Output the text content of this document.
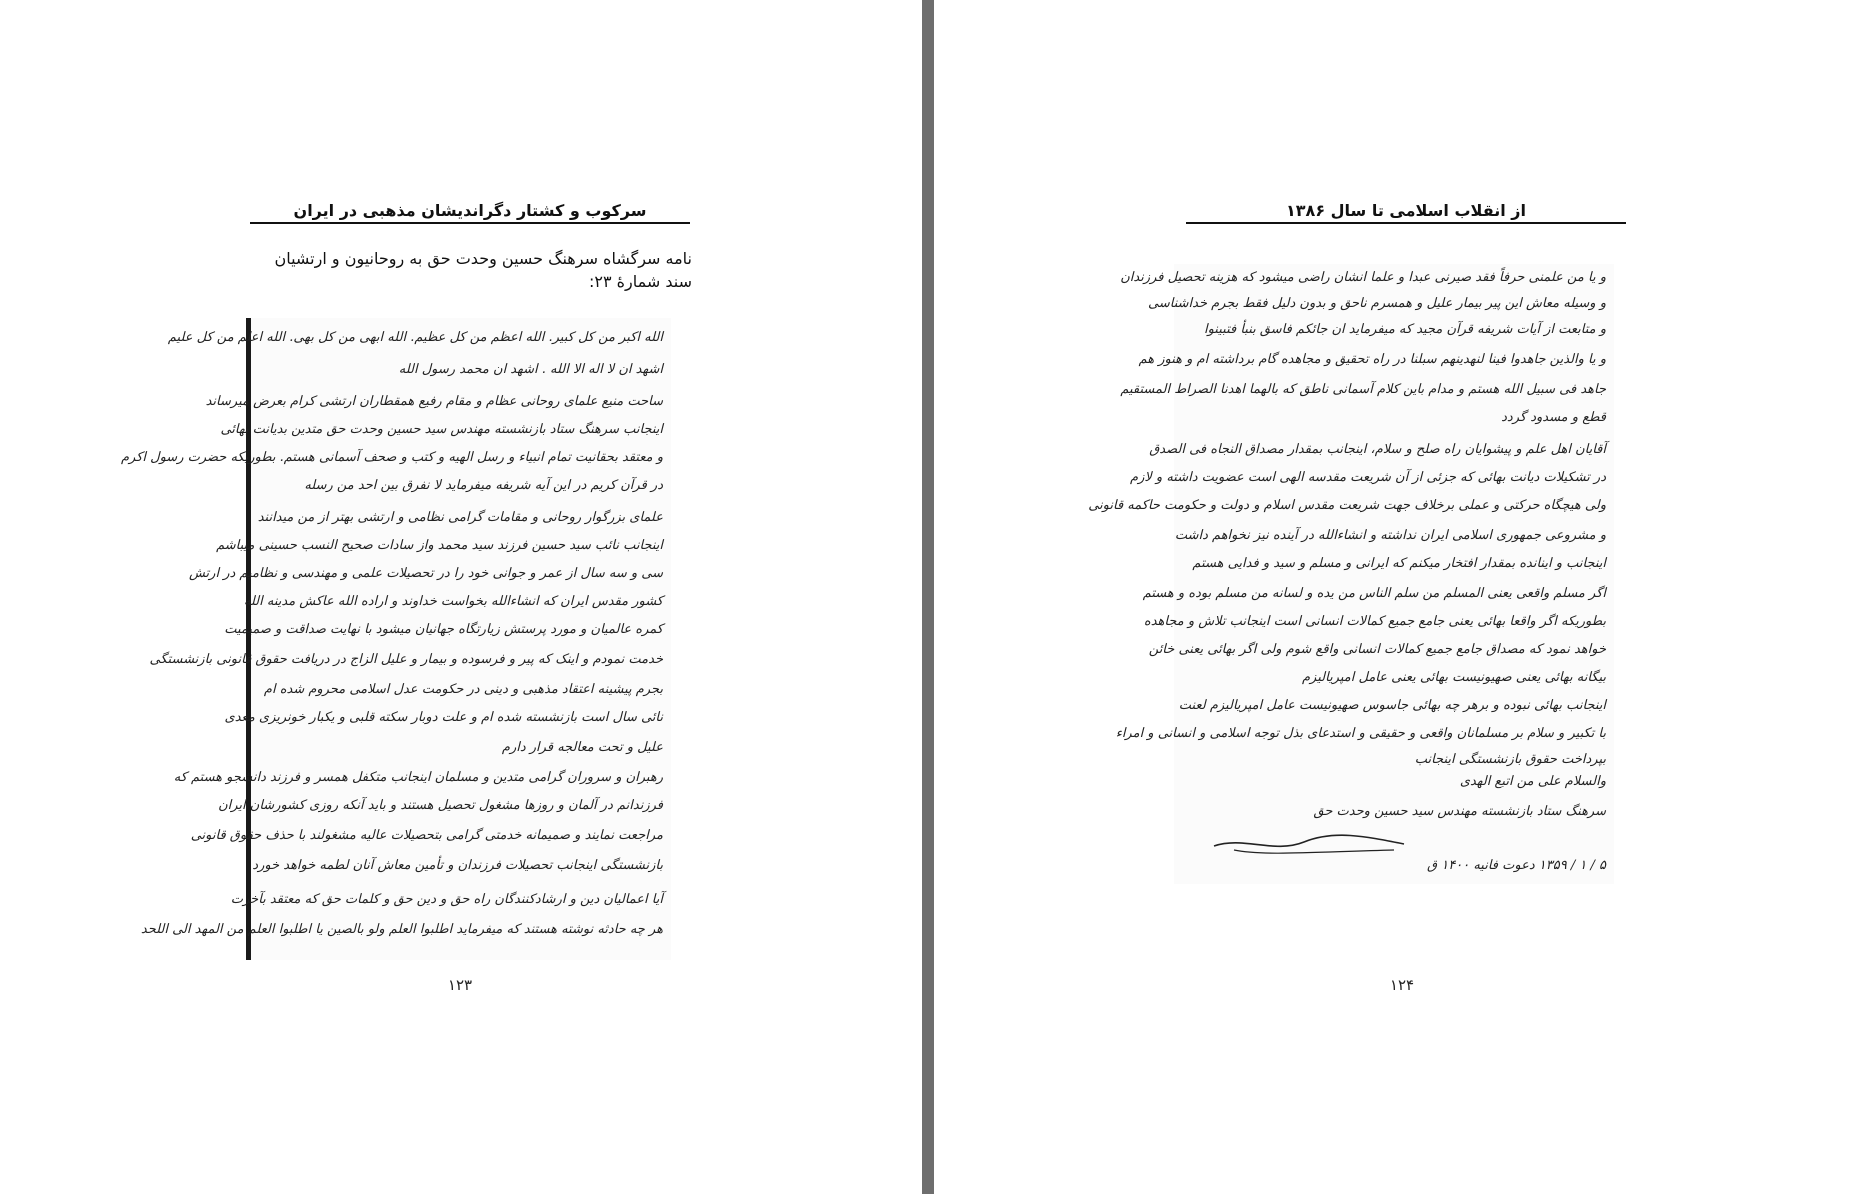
سرکوب و کشتار دگراندیشان مذهبی در ایران
نامه سرگشاه سرهنگ حسین وحدت حق به روحانیون و ارتشیان
سند شمارهٔ ۲۳:
الله اکبر من کل کبیر. الله اعظم من کل عظیم. الله ابهی من کل بهی. الله اعلم من کل علیم
اشهد ان لا اله الا الله . اشهد ان محمد رسول الله
ساحت منیع علمای روحانی عظام و مقام رفیع همقطاران ارتشی کرام بعرض میرساند
اینجانب سرهنگ ستاد بازنشسته مهندس سید حسین وحدت حق متدین بدیانت بهائی
و معتقد بحقانیت تمام انبیاء و رسل الهیه و کتب و صحف آسمانی هستم. بطوریکه حضرت رسول اکرم
در قرآن کریم در این آیه شریفه میفرماید لا نفرق بین احد من رسله
علمای بزرگوار روحانی و مقامات گرامی نظامی و ارتشی بهتر از من میدانند
اینجانب نائب سید حسین فرزند سید محمد واز سادات صحیح النسب حسینی میباشم
سی و سه سال از عمر و جوانی خود را در تحصیلات علمی و مهندسی و نظامیم در ارتش
کشور مقدس ایران که انشاءالله بخواست خداوند و اراده الله عاکش مدینه الله
کمره عالمیان و مورد پرستش زیارتگاه جهانیان میشود با نهایت صداقت و صمیمیت
خدمت نمودم و اینک که پیر و فرسوده و بیمار و علیل الزاج در دریافت حقوق قانونی بازنشستگی
بجرم پیشینه اعتقاد مذهبی و دینی در حکومت عدل اسلامی محروم شده ام
نائی سال است بازنشسته شده ام و علت دوبار سکته قلبی و یکبار خونریزی معدی
علیل و تحت معالجه قرار دارم
رهبران و سروران گرامی متدین و مسلمان اینجانب متکفل همسر و فرزند دانشجو هستم که
فرزندانم در آلمان و روزها مشغول تحصیل هستند و باید آنکه روزی کشورشان ایران
مراجعت نمایند و صمیمانه خدمتی گرامی بتحصیلات عالیه مشغولند با حذف حقوق قانونی
بازنشستگی اینجانب تحصیلات فرزندان و تأمین معاش آنان لطمه خواهد خورد
آیا اعمالیان دین و ارشادکنندگان راه حق و دین حق و کلمات حق که معتقد بآخرت
هر چه حادثه نوشته هستند که میفرماید اطلبوا العلم ولو بالصین یا اطلبوا العلم من المهد الی اللحد
۱۲۳
از انقلاب اسلامی تا سال ۱۳۸۶
و یا من علمنی حرفاً فقد صیرنی عبدا و علما انشان راضی میشود که هزینه تحصیل فرزندان
و وسیله معاش این پیر بیمار علیل و همسرم ناحق و بدون دلیل فقط بجرم خداشناسی
و متابعت از آیات شریفه قرآن مجید که میفرماید ان جائکم فاسق بنبأ فتبینوا
و یا والذین جاهدوا فینا لنهدینهم سبلنا در راه تحقیق و مجاهده گام برداشته ام و هنوز هم
جاهد فی سبیل الله هستم و مدام باین کلام آسمانی ناطق که بالهما اهدنا الصراط المستقیم
قطع و مسدود گردد
آقایان اهل علم و پیشوایان راه صلح و سلام، اینجانب بمقدار مصداق النجاه فی الصدق
در تشکیلات دیانت بهائی که جزئی از آن شریعت مقدسه الهی است عضویت داشته و لازم
ولی هیچگاه حرکتی و عملی برخلاف جهت شریعت مقدس اسلام و دولت و حکومت حاکمه قانونی
و مشروعی جمهوری اسلامی ایران نداشته و انشاءالله در آینده نیز نخواهم داشت
اینجانب و اینانده بمقدار افتخار میکنم که ایرانی و مسلم و سید و فدایی هستم
اگر مسلم واقعی یعنی المسلم من سلم الناس من یده و لسانه من مسلم بوده و هستم
بطوریکه اگر واقعا بهائی یعنی جامع جمیع کمالات انسانی است اینجانب تلاش و مجاهده
خواهد نمود که مصداق جامع جمیع کمالات انسانی واقع شوم ولی اگر بهائی یعنی خائن
بیگانه بهائی یعنی صهیونیست بهائی یعنی عامل امپریالیزم
اینجانب بهائی نبوده و برهر چه بهائی جاسوس صهیونیست عامل امپریالیزم لعنت
با تکبیر و سلام بر مسلمانان واقعی و حقیقی و استدعای بذل توجه اسلامی و انسانی و امراء
بپرداخت حقوق بازنشستگی اینجانب
والسلام علی من اتبع الهدی
سرهنگ ستاد بازنشسته مهندس سید حسین وحدت حق
۵ / ۱ / ۱۳۵۹ دعوت فانیه ۱۴۰۰ ق
۱۲۴
